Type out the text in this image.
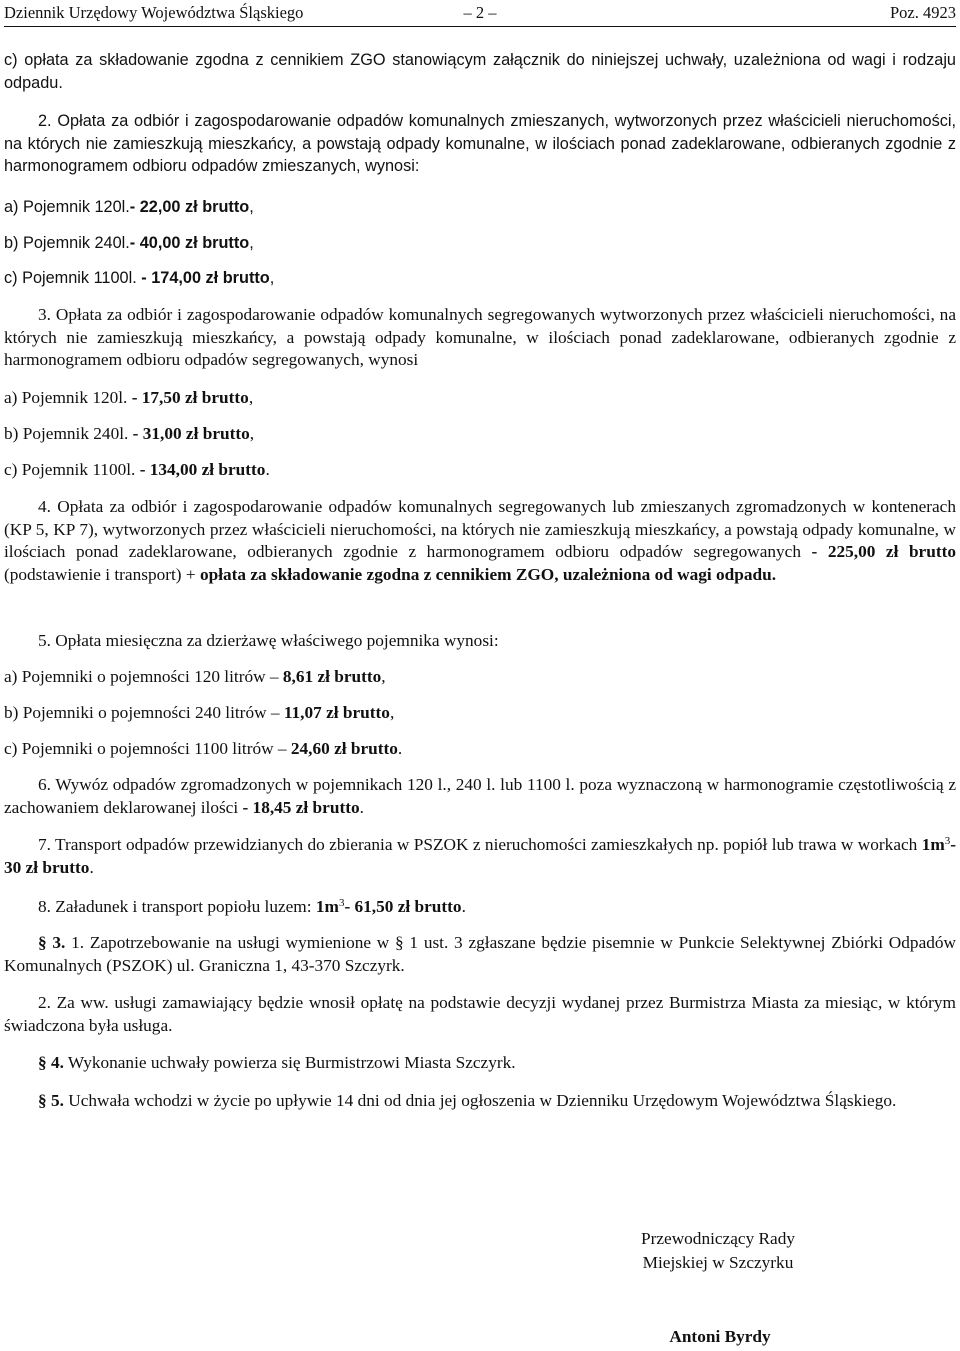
Dziennik Urzędowy Województwa Śląskiego	– 2 –	Poz. 4923

c) opłata za składowanie zgodna z cennikiem ZGO stanowiącym załącznik do niniejszej uchwały, uzależniona od wagi i rodzaju odpadu.

2. Opłata za odbiór i zagospodarowanie odpadów komunalnych zmieszanych, wytworzonych przez właścicieli nieruchomości, na których nie zamieszkują mieszkańcy, a powstają odpady komunalne, w ilościach ponad zadeklarowane, odbieranych zgodnie z harmonogramem odbioru odpadów zmieszanych, wynosi:

a) Pojemnik 120l.- 22,00 zł brutto,

b) Pojemnik 240l.- 40,00 zł brutto,

c) Pojemnik 1100l. - 174,00 zł brutto,

3. Opłata za odbiór i zagospodarowanie odpadów komunalnych segregowanych wytworzonych przez właścicieli nieruchomości, na których nie zamieszkują mieszkańcy, a powstają odpady komunalne, w ilościach ponad zadeklarowane, odbieranych zgodnie z harmonogramem odbioru odpadów segregowanych, wynosi

a) Pojemnik 120l. - 17,50 zł brutto,

b) Pojemnik 240l. - 31,00 zł brutto,

c) Pojemnik 1100l. - 134,00 zł brutto.

4. Opłata za odbiór i zagospodarowanie odpadów komunalnych segregowanych lub zmieszanych zgromadzonych w kontenerach (KP 5, KP 7), wytworzonych przez właścicieli nieruchomości, na których nie zamieszkują mieszkańcy, a powstają odpady komunalne, w ilościach ponad zadeklarowane, odbieranych zgodnie z harmonogramem odbioru odpadów segregowanych - 225,00 zł brutto (podstawienie i transport) + opłata za składowanie zgodna z cennikiem ZGO, uzależniona od wagi odpadu.

5. Opłata miesięczna za dzierżawę właściwego pojemnika wynosi:

a) Pojemniki o pojemności 120 litrów – 8,61 zł brutto,

b) Pojemniki o pojemności 240 litrów – 11,07 zł brutto,

c) Pojemniki o pojemności 1100 litrów – 24,60 zł brutto.

6. Wywóz odpadów zgromadzonych w pojemnikach 120 l., 240 l. lub 1100 l. poza wyznaczoną w harmonogramie częstotliwością z zachowaniem deklarowanej ilości - 18,45 zł brutto.

7. Transport odpadów przewidzianych do zbierania w PSZOK z nieruchomości zamieszkałych np. popiół lub trawa w workach $1m^3-$ 30 zł brutto.

8. Załadunek i transport popiołu luzem: $1m^3-$ 61,50 zł brutto.

§ 3. 1. Zapotrzebowanie na usługi wymienione w § 1 ust. 3 zgłaszane będzie pisemnie w Punkcie Selektywnej Zbiórki Odpadów Komunalnych (PSZOK) ul. Graniczna 1, 43-370 Szczyrk.

2. Za ww. usługi zamawiający będzie wnosił opłatę na podstawie decyzji wydanej przez Burmistrza Miasta za miesiąc, w którym świadczona była usługa.

§ 4. Wykonanie uchwały powierza się Burmistrzowi Miasta Szczyrk.

§ 5. Uchwała wchodzi w życie po upływie 14 dni od dnia jej ogłoszenia w Dzienniku Urzędowym Województwa Śląskiego.

Przewodniczący Rady
Miejskiej w Szczyrku
Antoni Byrdy
